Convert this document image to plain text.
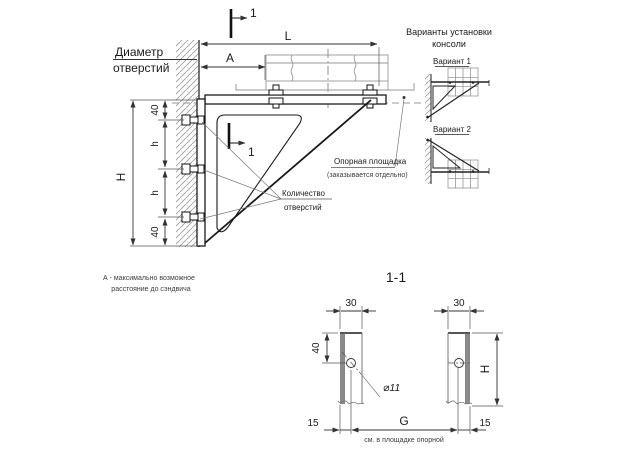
1
1
L
A
H
40
h
h
40
Диаметр
отверстий
Опорная площадка
(заказывается отдельно)
Количество
отверстий
А - максимально возможное
расстояние до сэндвича
Варианты установки
консоли
Вариант 1
Вариант 2
1-1
30	30
40
⌀11
15	G	15
см. в площадке опорной
H
